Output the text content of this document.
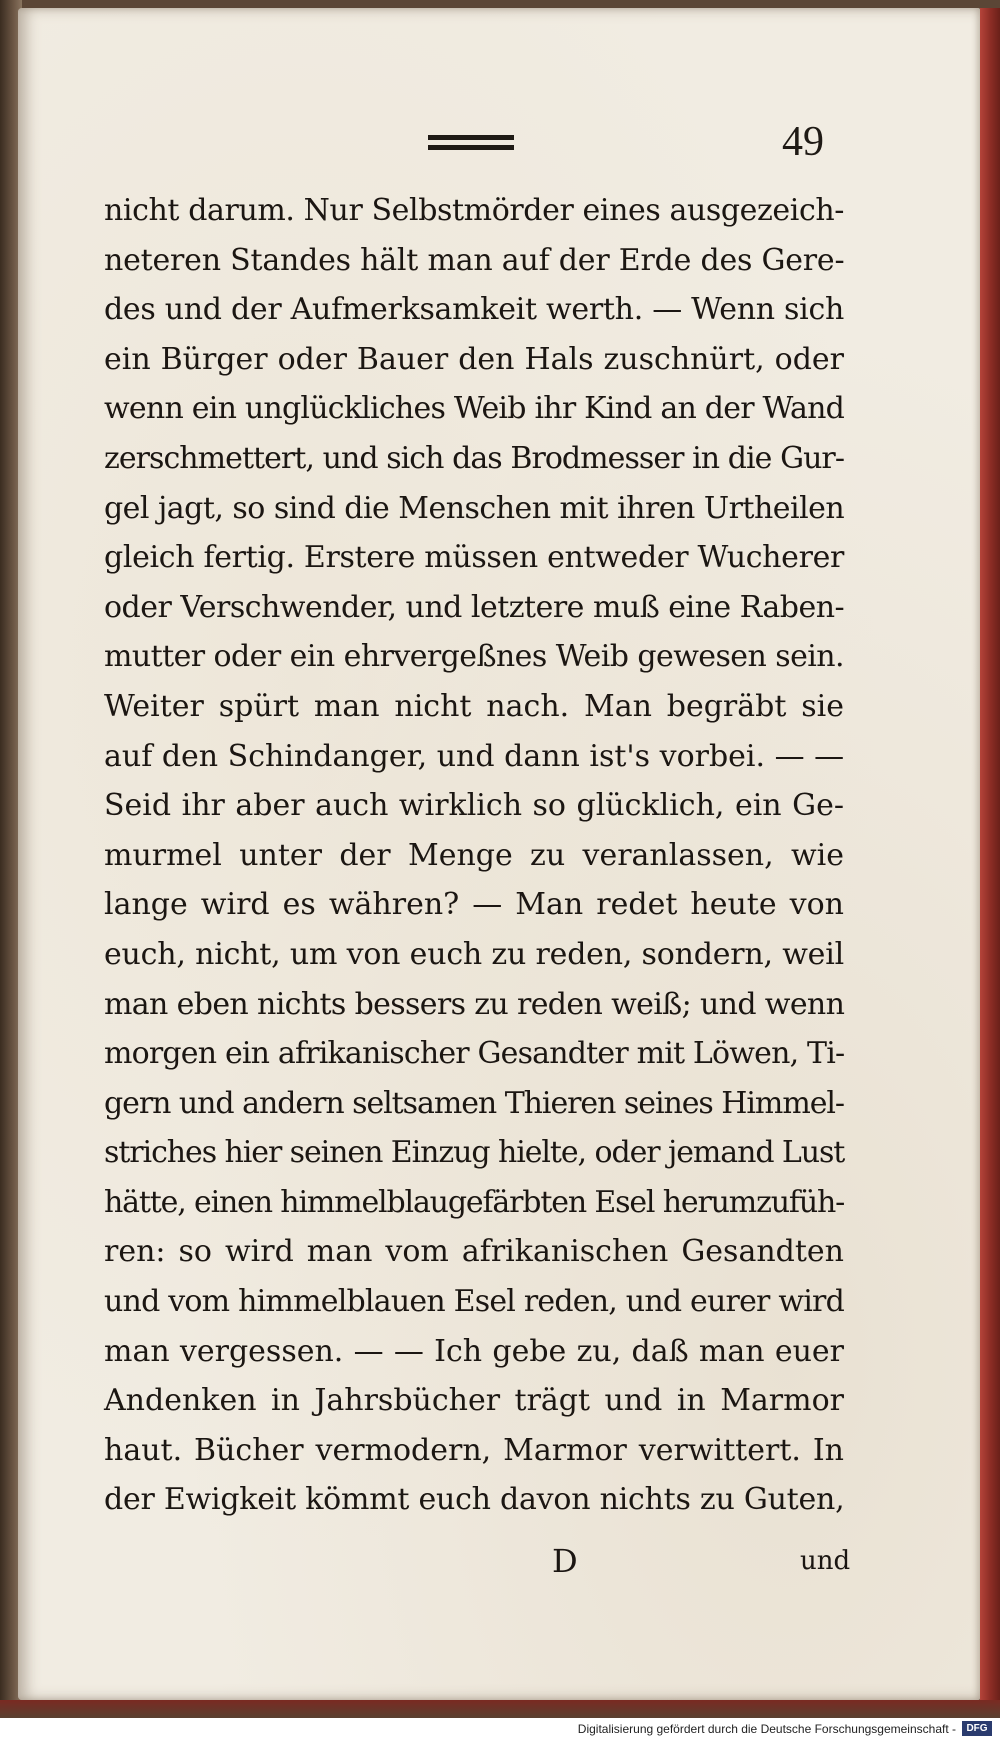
49
nicht darum. Nur Selbstmörder eines ausgezeich-
neteren Standes hält man auf der Erde des Gere-
des und der Aufmerksamkeit werth. — Wenn sich
ein Bürger oder Bauer den Hals zuschnürt, oder
wenn ein unglückliches Weib ihr Kind an der Wand
zerschmettert, und sich das Brodmesser in die Gur-
gel jagt, so sind die Menschen mit ihren Urtheilen
gleich fertig. Erstere müssen entweder Wucherer
oder Verschwender, und letztere muß eine Raben-
mutter oder ein ehrvergeßnes Weib gewesen sein.
Weiter spürt man nicht nach. Man begräbt sie
auf den Schindanger, und dann ist's vorbei. — —
Seid ihr aber auch wirklich so glücklich, ein Ge-
murmel unter der Menge zu veranlassen, wie
lange wird es währen? — Man redet heute von
euch, nicht, um von euch zu reden, sondern, weil
man eben nichts bessers zu reden weiß; und wenn
morgen ein afrikanischer Gesandter mit Löwen, Ti-
gern und andern seltsamen Thieren seines Himmel-
striches hier seinen Einzug hielte, oder jemand Lust
hätte, einen himmelblaugefärbten Esel herumzufüh-
ren: so wird man vom afrikanischen Gesandten
und vom himmelblauen Esel reden, und eurer wird
man vergessen. — — Ich gebe zu, daß man euer
Andenken in Jahrsbücher trägt und in Marmor
haut. Bücher vermodern, Marmor verwittert. In
der Ewigkeit kömmt euch davon nichts zu Guten,
D	und
Digitalisierung gefördert durch die Deutsche Forschungsgemeinschaft -	DFG
